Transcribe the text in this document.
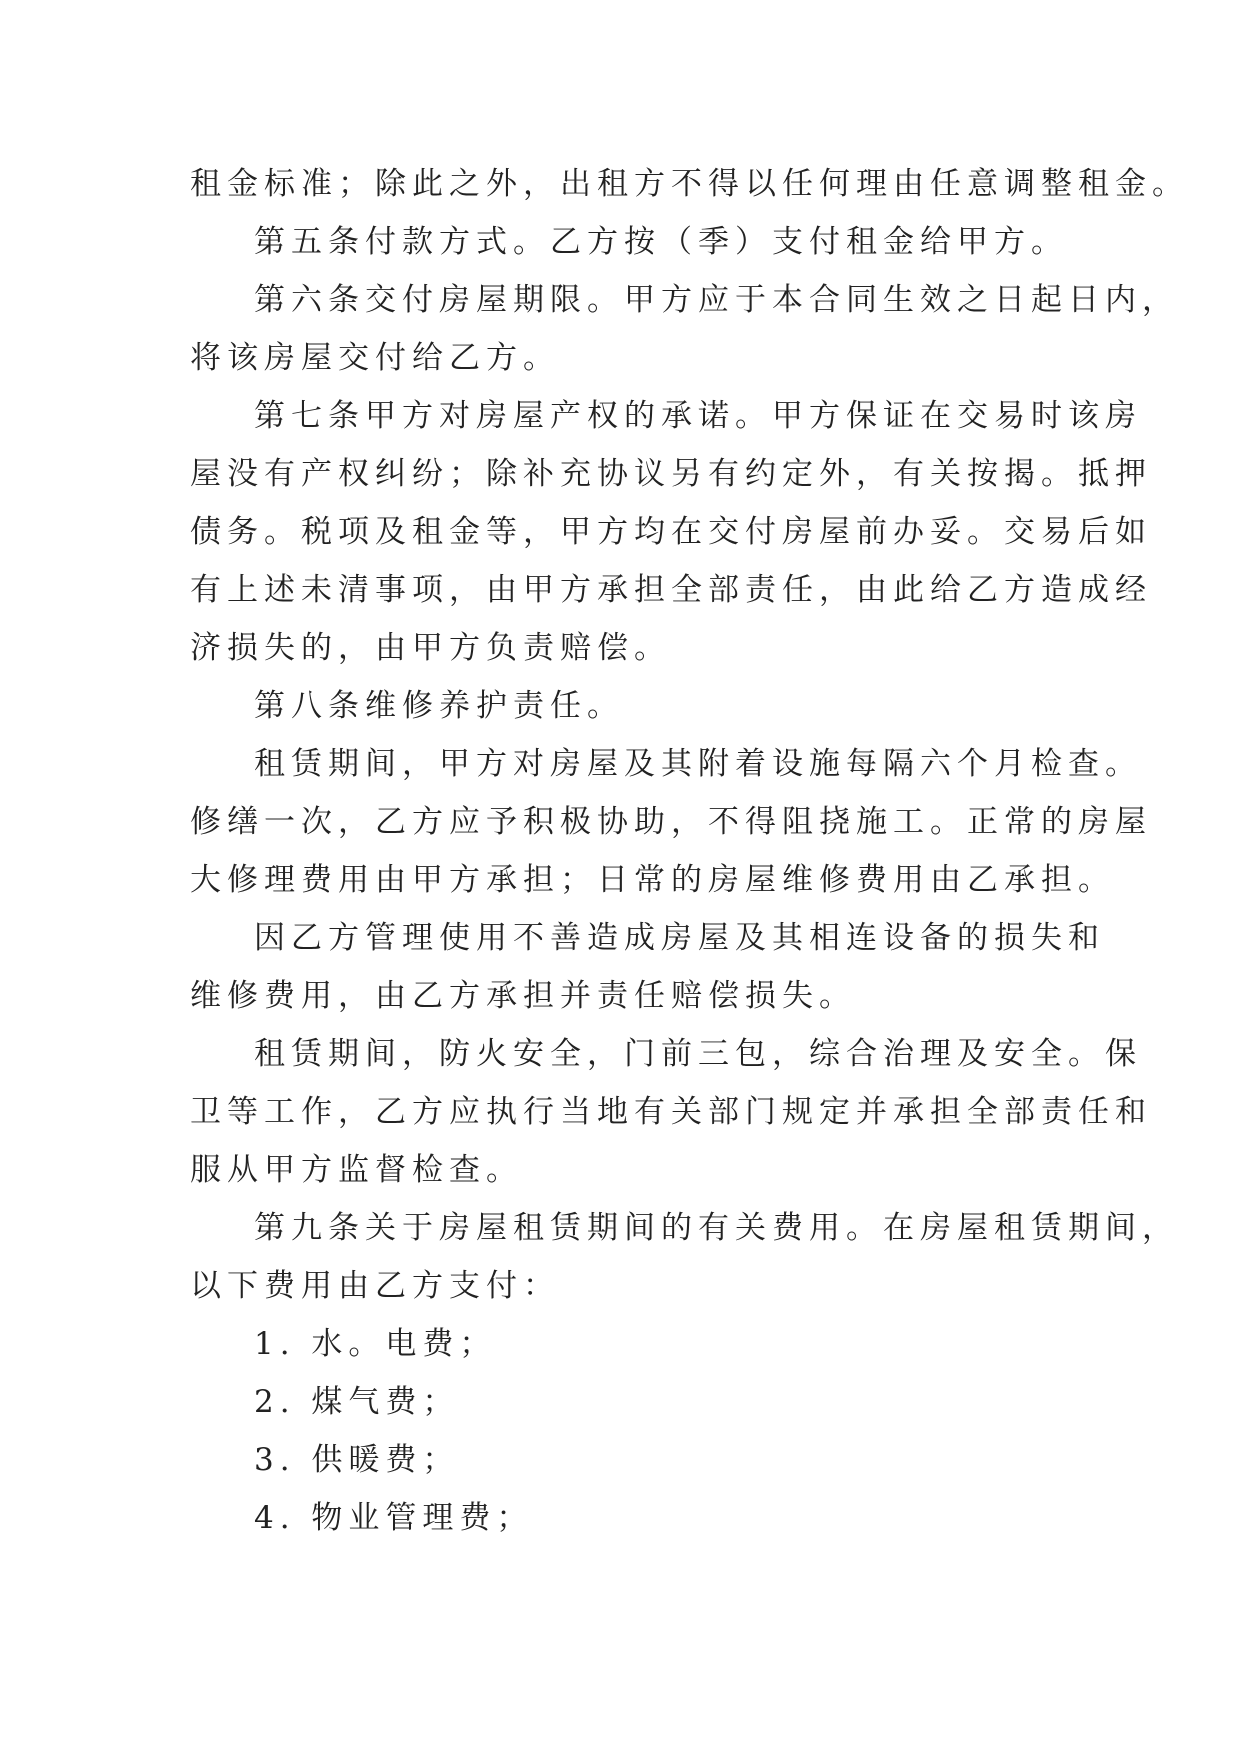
租金标准；除此之外，出租方不得以任何理由任意调整租金。
第五条付款方式。乙方按（季）支付租金给甲方。
第六条交付房屋期限。甲方应于本合同生效之日起日内，
将该房屋交付给乙方。
第七条甲方对房屋产权的承诺。甲方保证在交易时该房
屋没有产权纠纷；除补充协议另有约定外，有关按揭。抵押
债务。税项及租金等，甲方均在交付房屋前办妥。交易后如
有上述未清事项，由甲方承担全部责任，由此给乙方造成经
济损失的，由甲方负责赔偿。
第八条维修养护责任。
租赁期间，甲方对房屋及其附着设施每隔六个月检查。
修缮一次，乙方应予积极协助，不得阻挠施工。正常的房屋
大修理费用由甲方承担；日常的房屋维修费用由乙承担。
因乙方管理使用不善造成房屋及其相连设备的损失和
维修费用，由乙方承担并责任赔偿损失。
租赁期间，防火安全，门前三包，综合治理及安全。保
卫等工作，乙方应执行当地有关部门规定并承担全部责任和
服从甲方监督检查。
第九条关于房屋租赁期间的有关费用。在房屋租赁期间，
以下费用由乙方支付：
1. 水。电费；
2. 煤气费；
3. 供暖费；
4. 物业管理费；
